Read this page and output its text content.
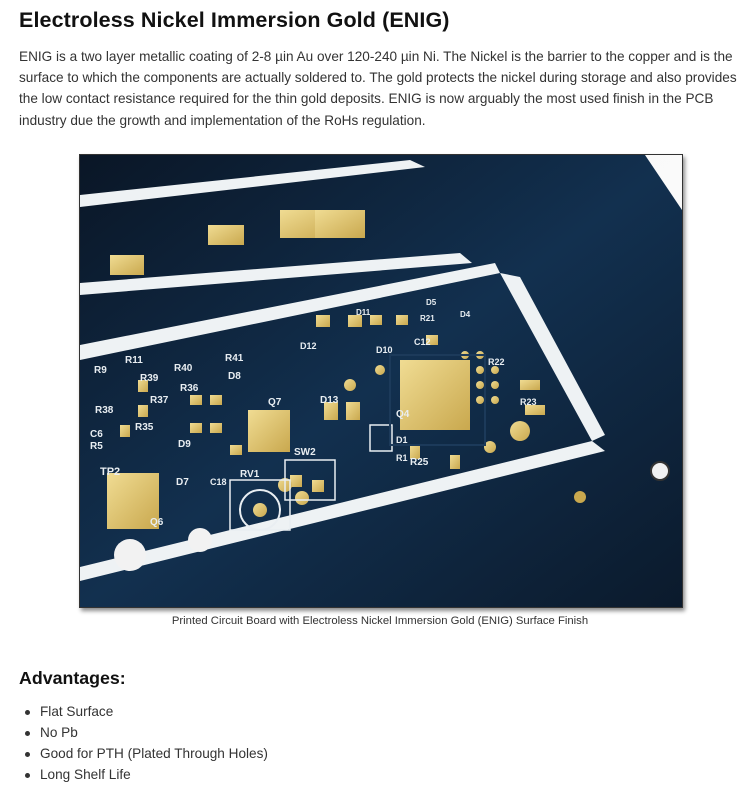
Electroless Nickel Immersion Gold (ENIG)

ENIG is a two layer metallic coating of 2-8 µin Au over 120-240 µin Ni. The Nickel is the barrier to the copper and is the surface to which the components are actually soldered to. The gold protects the nickel during storage and also provides the low contact resistance required for the thin gold deposits. ENIG is now arguably the most used finish in the PCB industry due the growth and implementation of the RoHs regulation.

TP2
Q6
RV1
SW2
R25
D7 C18
D9
R35
R37
R38
R36
R39
R40
R41
R11
R9
D8
Q7	D13
Q4
D1
R1
R23
R22
D12	D10
C12
D11
D5
D4
R21
C6
R5
Printed Circuit Board with Electroless Nickel Immersion Gold (ENIG) Surface Finish
Advantages:
Flat Surface
No Pb
Good for PTH (Plated Through Holes)
Long Shelf Life
